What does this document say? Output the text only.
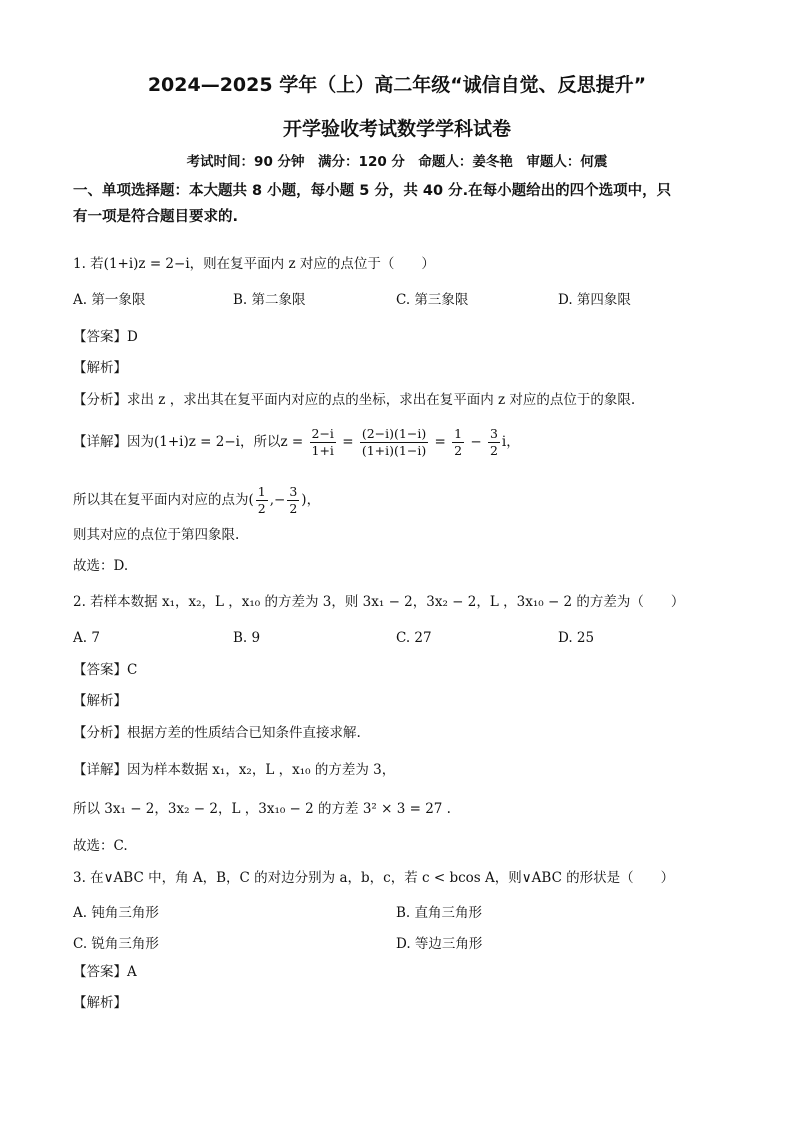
2024—2025 学年（上）高二年级“诚信自觉、反思提升”
开学验收考试数学学科试卷
考试时间：90 分钟　满分：120 分　命题人：姜冬艳　审题人：何震
一、单项选择题：本大题共 8 小题，每小题 5 分，共 40 分.在每小题给出的四个选项中，只
有一项是符合题目要求的.
1. 若(1+i)z = 2−i，则在复平面内 z 对应的点位于（　　）
A. 第一象限	B. 第二象限	C. 第三象限	D. 第四象限
【答案】D
【解析】
【分析】求出 z ，求出其在复平面内对应的点的坐标，求出在复平面内 z 对应的点位于的象限.
【详解】因为(1+i)z = 2−i，所以$z = \frac{2-i}{1+i} = \frac{(2-i)(1-i)}{(1+i)(1-i)} = \frac{1}{2} - \frac{3}{2}$ i，
所以其在复平面内对应的点为( $\frac{1}{2}$ ,− $\frac{3}{2}$ )，
则其对应的点位于第四象限.
故选：D.
2. 若样本数据 x₁，x₂，L ，x₁₀ 的方差为 3，则 3x₁ − 2，3x₂ − 2，L ，3x₁₀ − 2 的方差为（　　）
A. 7	B. 9	C. 27	D. 25
【答案】C
【解析】
【分析】根据方差的性质结合已知条件直接求解.
【详解】因为样本数据 x₁，x₂，L ，x₁₀ 的方差为 3，
所以 3x₁ − 2，3x₂ − 2，L ，3x₁₀ − 2 的方差 3² × 3 = 27 .
故选：C.
3. 在∨ABC 中，角 A，B，C 的对边分别为 a，b，c，若 c < bcos A，则∨ABC 的形状是（　　）
A. 钝角三角形	B. 直角三角形
C. 锐角三角形	D. 等边三角形
【答案】A
【解析】
